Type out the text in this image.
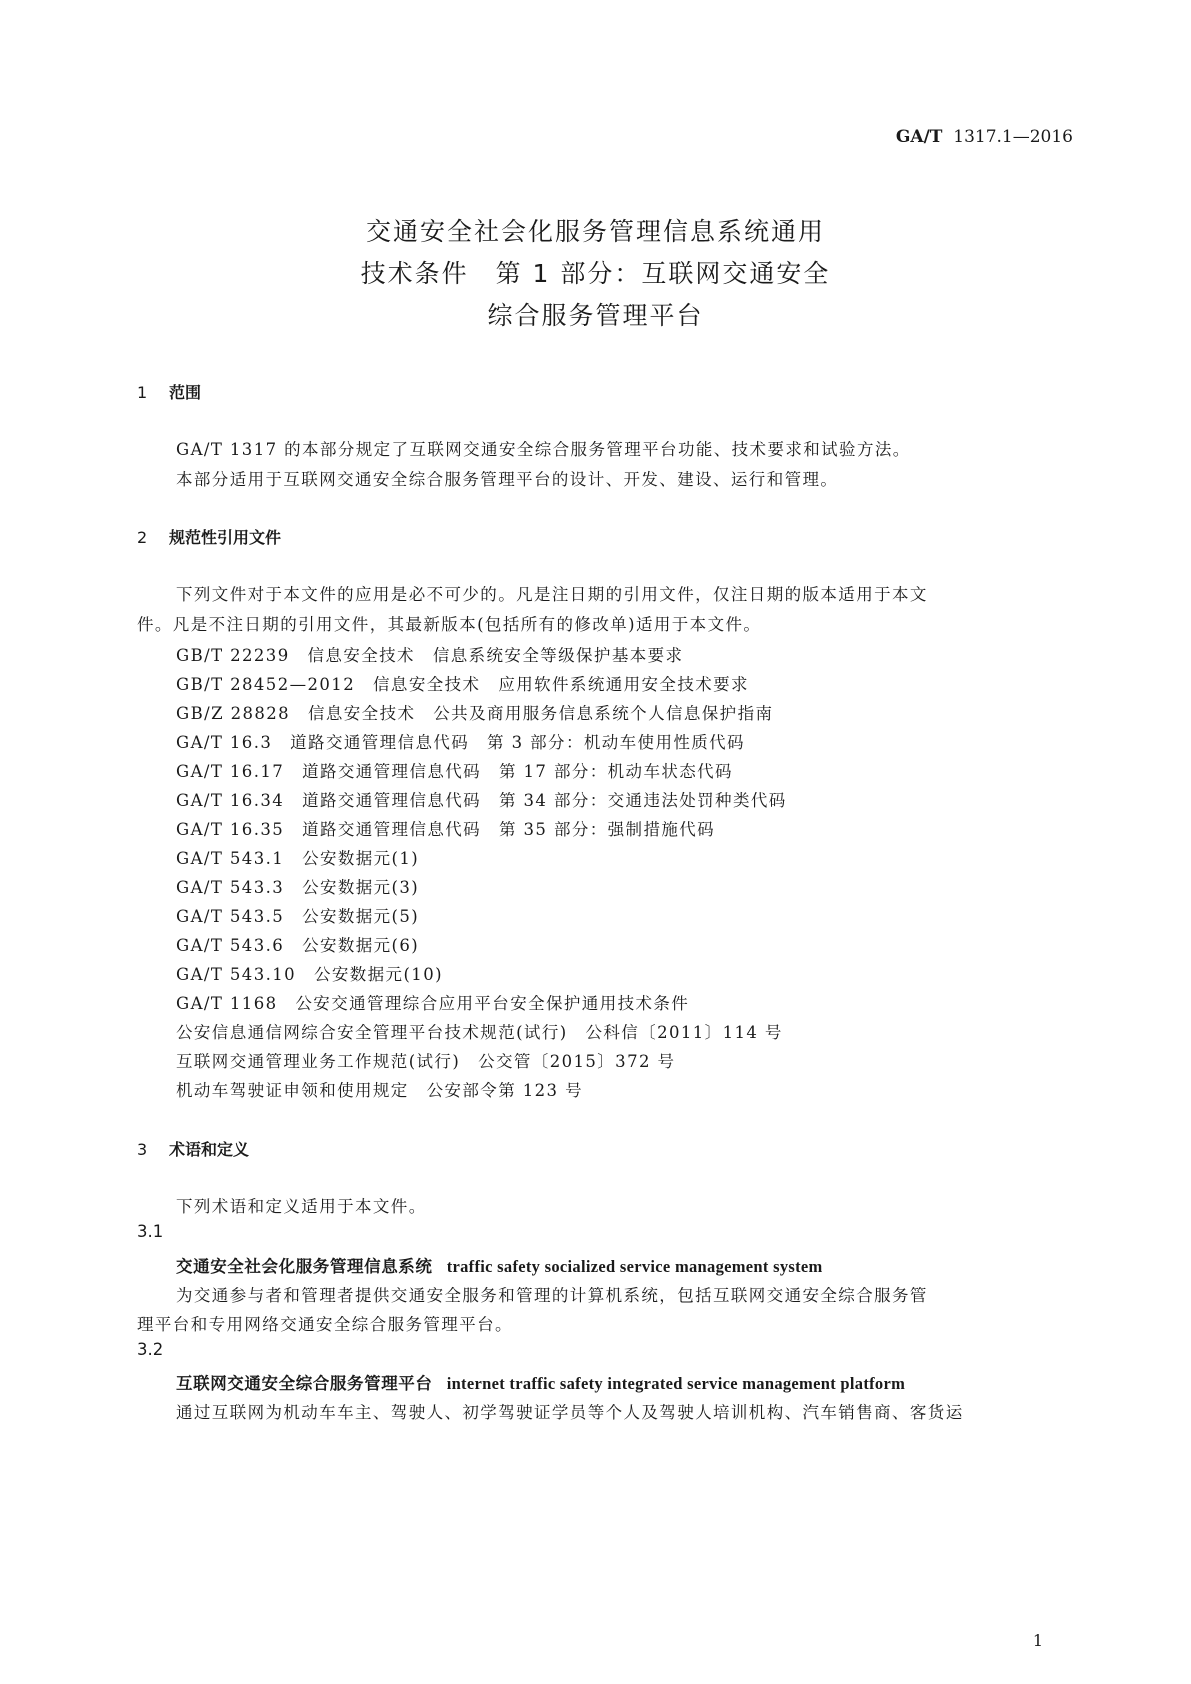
GA/T 1317.1—2016
交通安全社会化服务管理信息系统通用
技术条件　第 1 部分：互联网交通安全
综合服务管理平台
1 范围
GA/T 1317 的本部分规定了互联网交通安全综合服务管理平台功能、技术要求和试验方法。
本部分适用于互联网交通安全综合服务管理平台的设计、开发、建设、运行和管理。
2 规范性引用文件
下列文件对于本文件的应用是必不可少的。凡是注日期的引用文件，仅注日期的版本适用于本文
件。凡是不注日期的引用文件，其最新版本(包括所有的修改单)适用于本文件。
GB/T 22239　 信息安全技术　信息系统安全等级保护基本要求
GB/T 28452—2012　 信息安全技术　应用软件系统通用安全技术要求
GB/Z 28828　 信息安全技术　公共及商用服务信息系统个人信息保护指南
GA/T 16.3　 道路交通管理信息代码　第 3 部分：机动车使用性质代码
GA/T 16.17　 道路交通管理信息代码　第 17 部分：机动车状态代码
GA/T 16.34　 道路交通管理信息代码　第 34 部分：交通违法处罚种类代码
GA/T 16.35　 道路交通管理信息代码　第 35 部分：强制措施代码
GA/T 543.1　 公安数据元(1)
GA/T 543.3　 公安数据元(3)
GA/T 543.5　 公安数据元(5)
GA/T 543.6　 公安数据元(6)
GA/T 543.10　 公安数据元(10)
GA/T 1168　 公安交通管理综合应用平台安全保护通用技术条件
公安信息通信网综合安全管理平台技术规范(试行)　 公科信〔2011〕114 号
互联网交通管理业务工作规范(试行)　 公交管〔2015〕372 号
机动车驾驶证申领和使用规定　 公安部令第 123 号
3 术语和定义
下列术语和定义适用于本文件。
3.1
交通安全社会化服务管理信息系统 traffic safety socialized service management system
为交通参与者和管理者提供交通安全服务和管理的计算机系统，包括互联网交通安全综合服务管
理平台和专用网络交通安全综合服务管理平台。
3.2
互联网交通安全综合服务管理平台 internet traffic safety integrated service management platform
通过互联网为机动车车主、驾驶人、初学驾驶证学员等个人及驾驶人培训机构、汽车销售商、客货运
1
